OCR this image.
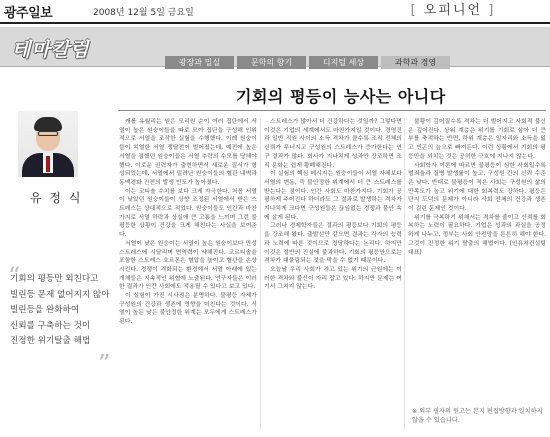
광주일보	2008년 12월 5일 금요일	[ 오피니언 ]
테마칼럼
광장과 밀실	문학의 향기	디지털 세상	과학과 경영
기회의 평등이 능사는 아니다
유 정 식
“
기회의 평등만 외친다고
빌린등 문제 없어지지 않아
빌린등을 완화하여
신뢰를 구축하는 것이
진정한 위기탈출 해법
”

캐롤 유월리는 원은 모리원 순이 여러 집단에서 서열이 높은 원숭이들을 따로 모아 집단을 구성해 인위적으로 서열을 조작한 실험을 수행했다. 이례 원숭이들이 치열한 서열 쟁탈전이 벌어졌는데, 예전에 높은 서열을 점했던 원숭이들은 서열 추락의 수모를 당해야 했다. 이로운 권력자가 출현하면서 새로운 질서가 형성되었는데, 서열에서 밀려난 원숭이들의 혈관 내벽과 동맥경화 진전의 발생 빈도가 높아졌다.

이는 코티솔 수치를 보다 크게 자극한다. 처음 서열이 낮았던 원숭이들이 상향 조정된 서열에서 받은 스트레스는 상대적으로 적었다. 원숭이들도 인간과 마찬가지로 서열 하락과 상실에 큰 고통을 느끼며 그런 불평등한 상황이 건강을 크게 해친다는 사실을 보여준다.

서열이 낮은 원숭이는 서열이 높은 원숭이보다 만성 스트레스에 시달리며 면역력이 약해진다. 코르티솔을 포함한 스트레스 호르몬은 혈압을 높이고 혈관을 손상시킨다. 경쟁이 격화되는 환경에서 서열 아래에 있는 개체들은 지속적인 위협에 노출된다. 연구자들은 이러한 결과가 인간 사회에도 적용될 수 있다고 보고 있다.

이 실험이 가진 시사점은 분명하다. 불평등 자체가 구성원의 건강과 생존에 영향을 미친다는 것이다. 서열이 높든 낮든 불안정한 위계는 모두에게 스트레스가 된다.

스트레스가 많아서 더 건강하다는 것일까? 그렇다면 이것은 기업의 세계에서도 마찬가지일 것이다. 경영진과 일반 직원 사이의 소득 격차가 클수록 조직 전체의 신뢰가 무너지고 구성원의 스트레스가 증가한다는 연구 결과가 많다. 회사가 지나치게 성과만 강조하면 조직 문화는 쉽게 황폐해진다.

이 실험의 핵심 메시지는 원숭이들이 서열 자체보다 서열의 변동, 즉 불안정한 위계에서 더 큰 스트레스를 받는다는 점이다. 인간 사회도 마찬가지다. 기회가 공평하게 주어진다 하더라도 그 결과로 발생하는 격차가 지나치게 크다면 구성원들은 끊임없는 경쟁과 불안 속에 살게 된다.

그러나 경제학자들은 결과의 평등보다 기회의 평등을 강조해 왔다. 출발선만 같으면 결과는 각자의 능력과 노력에 따른 것이므로 정당하다는 논리다. 하지만 이것은 절반의 진실에 불과하다. 기회의 평등만으로는 격차가 대물림되는 것을 막을 수 없기 때문이다.

오늘날 우리 사회가 겪고 있는 위기의 근원에는 이러한 격차와 불신이 자리 잡고 있다. 하지만 문제는 여기서 그치지 않는다.

불황이 깊어질수록 격차는 더 벌어지고 사회적 불신은 깊어진다. 상위 계층은 위기를 기회로 삼아 더 큰 부를 축적하는 반면, 하위 계층은 일자리와 소득을 잃고 빈곤의 늪으로 빠져든다. 이런 상황에서 기회의 평등만을 외치는 것은 공허한 구호에 지나지 않는다.

사회학자 이론에 따르면 불평등이 심한 사회일수록 범죄율과 질병 발생률이 높고, 구성원 간의 신뢰 수준은 낮다. 반대로 불평등이 적은 사회는 구성원의 삶의 만족도가 높고 위기에 대한 회복력도 강하다. 평등은 단지 도덕의 문제가 아니라 사회 전체의 건강과 생존이 걸린 문제인 것이다.

위기를 극복하기 위해서는 격차를 줄이고 신뢰를 회복하는 노력이 필요하다. 기업은 성과의 과실을 공정하게 나누고, 정부는 사회 안전망을 튼튼히 해야 한다. 그것이 진정한 위기 탈출의 해법이다. (인퓨처컨설팅 대표)

※ 외부 필자의 원고는 본지 편집방향과 일치하지 않을 수 있습니다.
